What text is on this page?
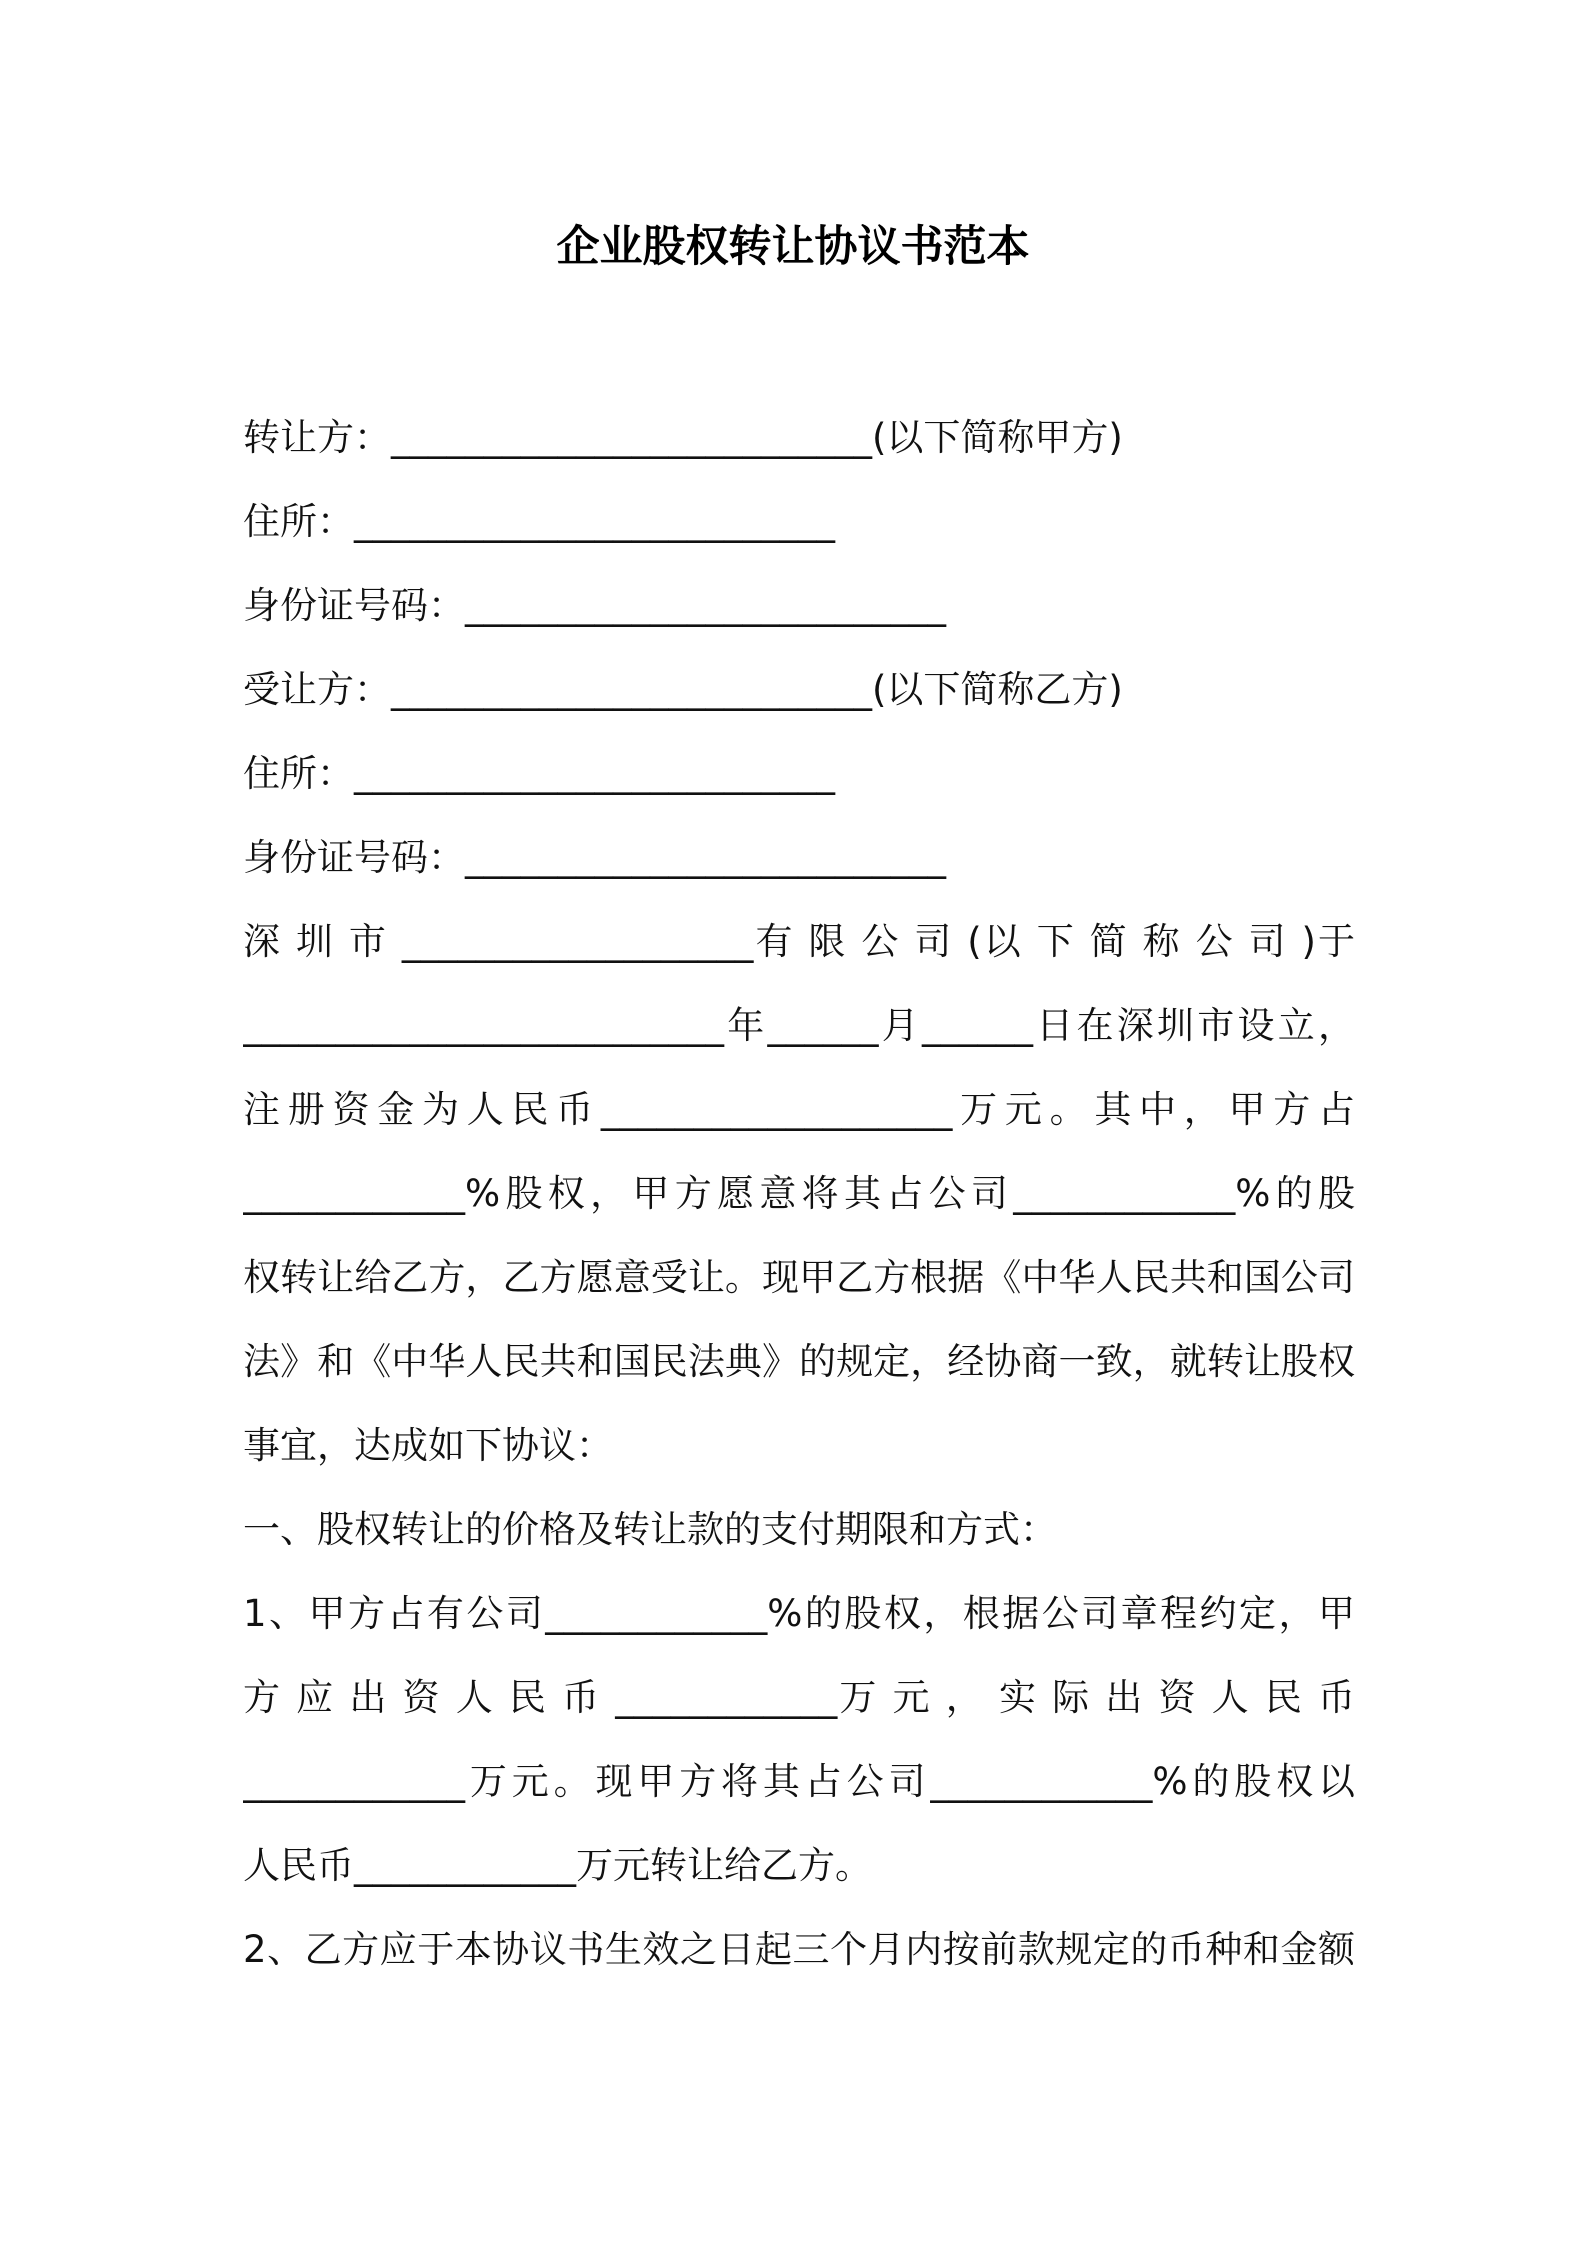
企业股权转让协议书范本
转让方：__________________________(以下简称甲方)
住所：__________________________
身份证号码：__________________________
受让方：__________________________(以下简称乙方)
住所：__________________________
身份证号码：__________________________
深 圳 市 ___________________有 限 公 司 (以 下 简 称 公 司 )于
__________________________年______月______日在深圳市设立，
注册资金为人民币___________________万元。其中，甲方占
____________%股权，甲方愿意将其占公司____________%的股
权转让给乙方，乙方愿意受让。现甲乙方根据《中华人民共和国公司
法》和《中华人民共和国民法典》的规定，经协商一致，就转让股权
事宜，达成如下协议：
一、股权转让的价格及转让款的支付期限和方式：
1、甲方占有公司____________%的股权，根据公司章程约定，甲
方 应 出 资 人 民 币 ____________万 元 ， 实 际 出 资 人 民 币
____________万元。现甲方将其占公司____________%的股权以
人民币____________万元转让给乙方。
2、乙方应于本协议书生效之日起三个月内按前款规定的币种和金额
